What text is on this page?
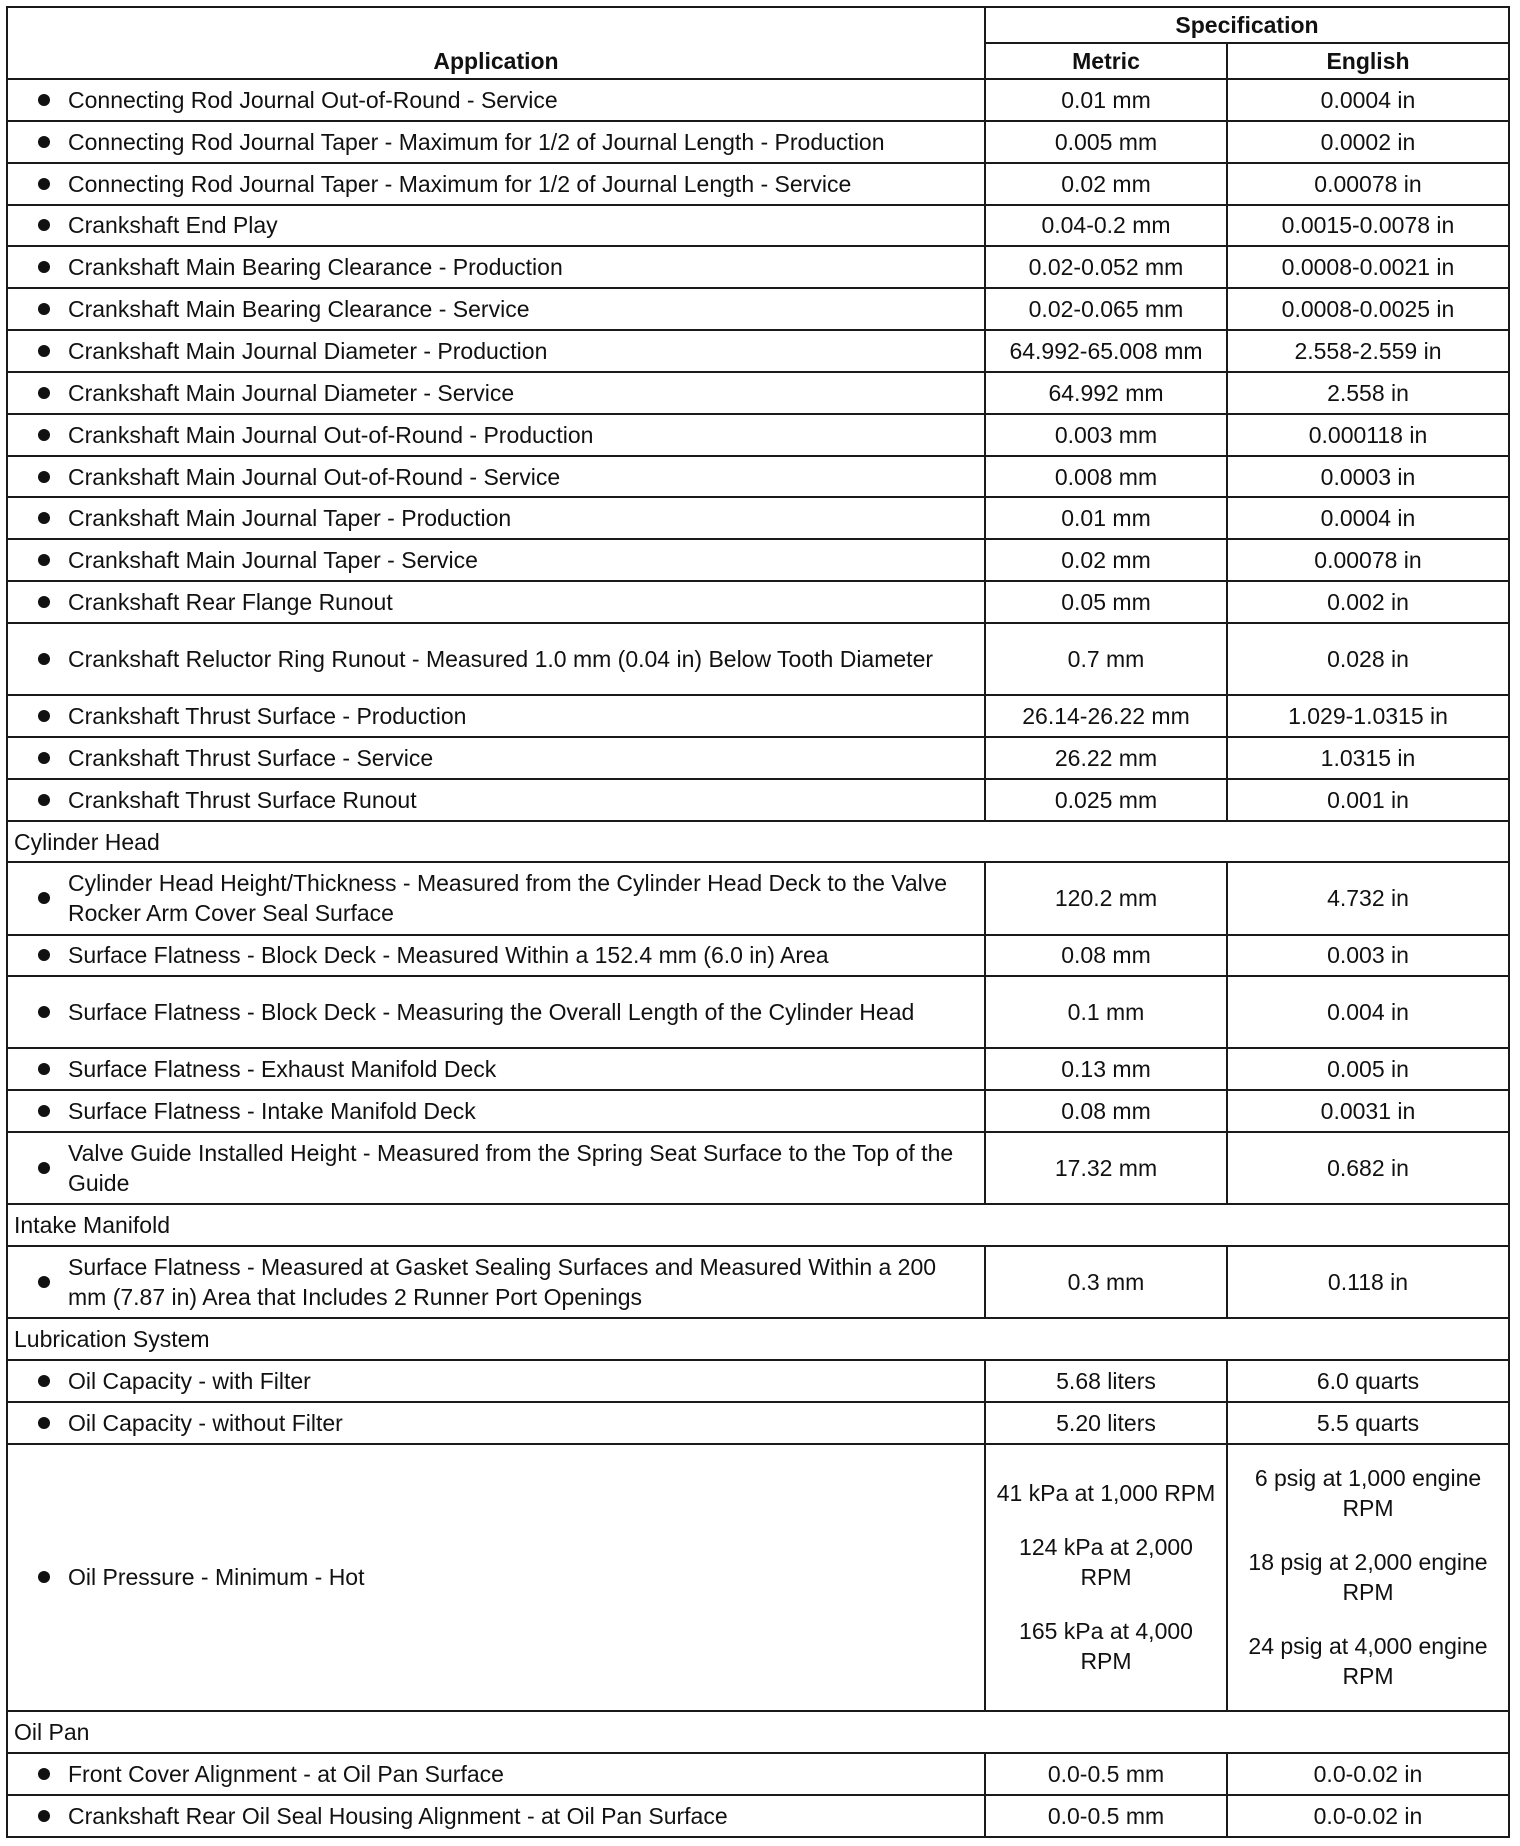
Application	Specification	
	Metric	English

Connecting Rod Journal Out-of-Round - Service	0.01 mm	0.0004 in

Connecting Rod Journal Taper - Maximum for 1/2 of Journal Length - Production	0.005 mm	0.0002 in

Connecting Rod Journal Taper - Maximum for 1/2 of Journal Length - Service	0.02 mm	0.00078 in

Crankshaft End Play	0.04-0.2 mm	0.0015-0.0078 in

Crankshaft Main Bearing Clearance - Production	0.02-0.052 mm	0.0008-0.0021 in

Crankshaft Main Bearing Clearance - Service	0.02-0.065 mm	0.0008-0.0025 in

Crankshaft Main Journal Diameter - Production	64.992-65.008 mm	2.558-2.559 in

Crankshaft Main Journal Diameter - Service	64.992 mm	2.558 in

Crankshaft Main Journal Out-of-Round - Production	0.003 mm	0.000118 in

Crankshaft Main Journal Out-of-Round - Service	0.008 mm	0.0003 in

Crankshaft Main Journal Taper - Production	0.01 mm	0.0004 in

Crankshaft Main Journal Taper - Service	0.02 mm	0.00078 in

Crankshaft Rear Flange Runout	0.05 mm	0.002 in

Crankshaft Reluctor Ring Runout - Measured 1.0 mm (0.04 in) Below Tooth Diameter	0.7 mm	0.028 in

Crankshaft Thrust Surface - Production	26.14-26.22 mm	1.029-1.0315 in

Crankshaft Thrust Surface - Service	26.22 mm	1.0315 in

Crankshaft Thrust Surface Runout	0.025 mm	0.001 in
Cylinder Head		

Cylinder Head Height/Thickness - Measured from the Cylinder Head Deck to the Valve Rocker Arm Cover Seal Surface	120.2 mm	4.732 in

Surface Flatness - Block Deck - Measured Within a 152.4 mm (6.0 in) Area	0.08 mm	0.003 in

Surface Flatness - Block Deck - Measuring the Overall Length of the Cylinder Head	0.1 mm	0.004 in

Surface Flatness - Exhaust Manifold Deck	0.13 mm	0.005 in

Surface Flatness - Intake Manifold Deck	0.08 mm	0.0031 in

Valve Guide Installed Height - Measured from the Spring Seat Surface to the Top of the Guide	17.32 mm	0.682 in
Intake Manifold		

Surface Flatness - Measured at Gasket Sealing Surfaces and Measured Within a 200 mm (7.87 in) Area that Includes 2 Runner Port Openings	0.3 mm	0.118 in
Lubrication System		

Oil Capacity - with Filter	5.68 liters	6.0 quarts

Oil Capacity - without Filter	5.20 liters	5.5 quarts

Oil Pressure - Minimum - Hot	41 kPa at 1,000 RPM
124 kPa at 2,000 RPM
165 kPa at 4,000 RPM	6 psig at 1,000 engine RPM
18 psig at 2,000 engine RPM
24 psig at 4,000 engine RPM

Oil Pan		

Front Cover Alignment - at Oil Pan Surface	0.0-0.5 mm	0.0-0.02 in

Crankshaft Rear Oil Seal Housing Alignment - at Oil Pan Surface	0.0-0.5 mm	0.0-0.02 in
